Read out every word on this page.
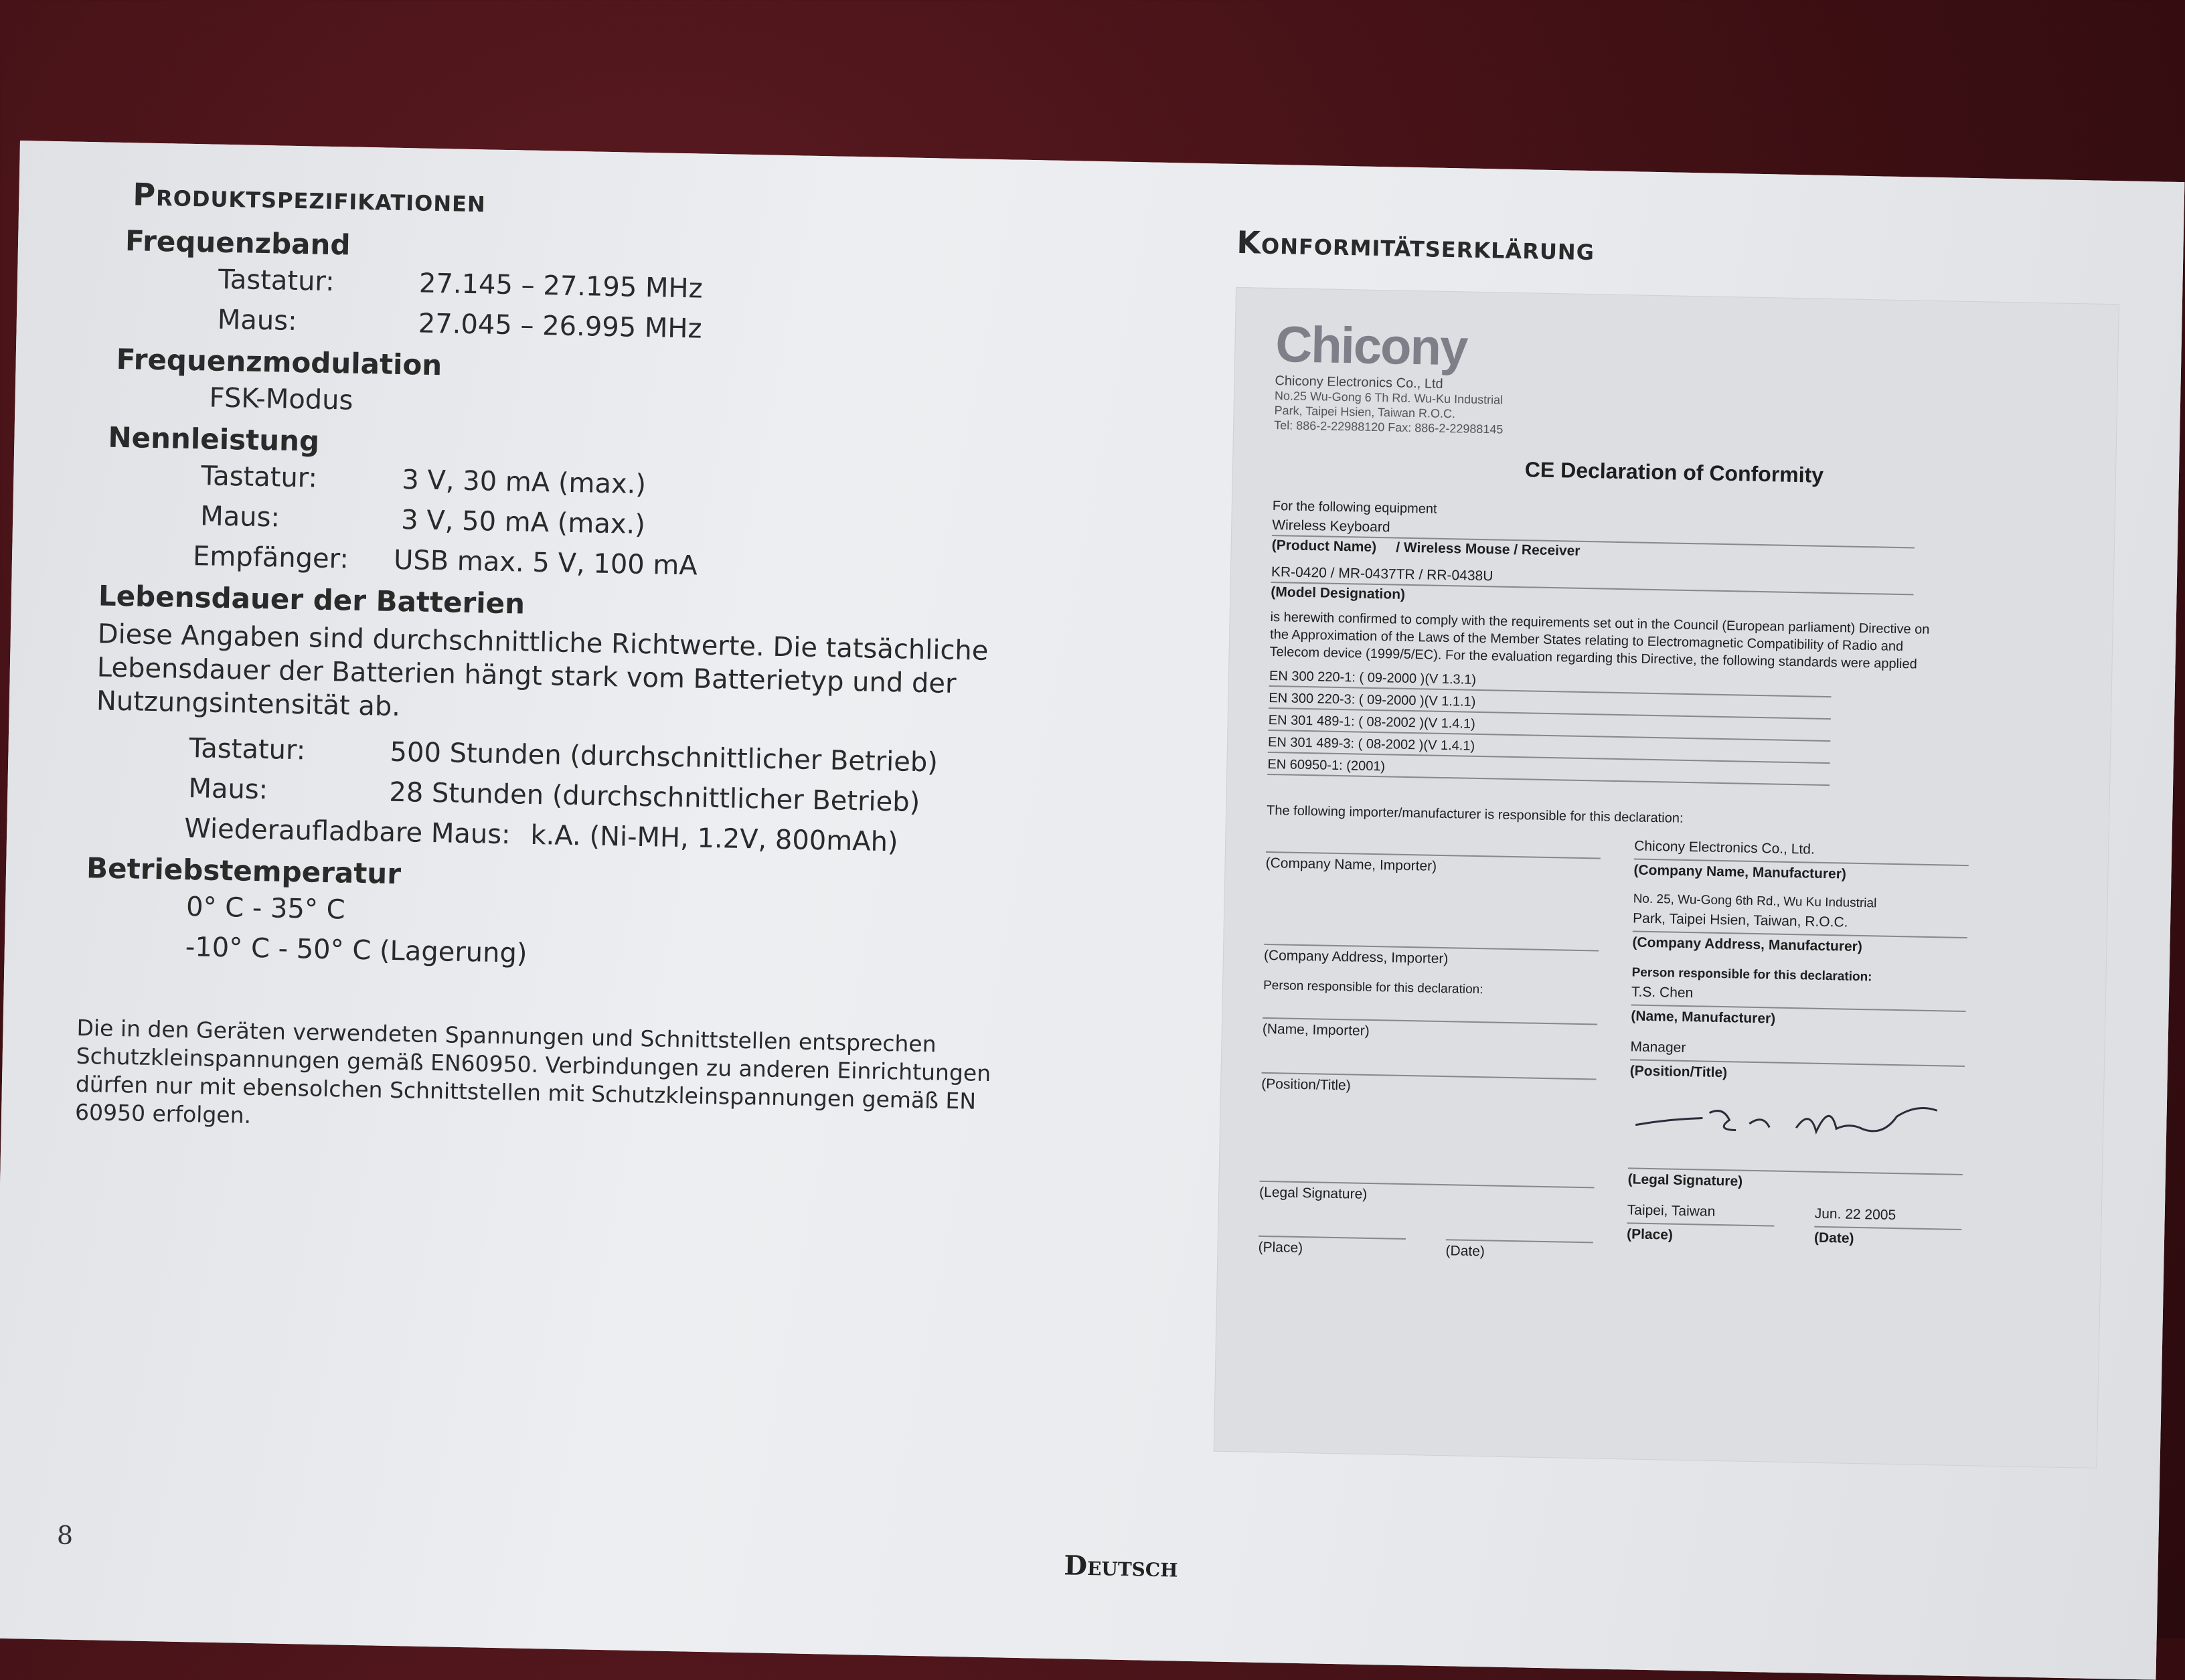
Produktspezifikationen
Frequenzband
Tastatur:	27.145 – 27.195 MHz
Maus:	27.045 – 26.995 MHz
Frequenzmodulation
FSK-Modus
Nennleistung
Tastatur:	3 V, 30 mA (max.)
Maus:	3 V, 50 mA (max.)
Empfänger:	USB max. 5 V, 100 mA
Lebensdauer der Batterien
Diese Angaben sind durchschnittliche Richtwerte. Die tatsächliche Lebensdauer der Batterien hängt stark vom Batterietyp und der Nutzungsintensität ab.
Tastatur:	500 Stunden (durchschnittlicher Betrieb)
Maus:	28 Stunden (durchschnittlicher Betrieb)
Wiederaufladbare Maus: k.A. (Ni-MH, 1.2V, 800mAh)
Betriebstemperatur
0° C - 35° C
-10° C - 50° C (Lagerung)
Die in den Geräten verwendeten Spannungen und Schnittstellen entsprechen Schutzkleinspannungen gemäß EN60950. Verbindungen zu anderen Einrichtungen dürfen nur mit ebensolchen Schnittstellen mit Schutzkleinspannungen gemäß EN 60950 erfolgen.
8
Deutsch
Konformitätserklärung
Chicony
Chicony Electronics Co., Ltd
No.25 Wu-Gong 6 Th Rd. Wu-Ku Industrial
Park, Taipei Hsien, Taiwan R.O.C.
Tel: 886-2-22988120 Fax: 886-2-22988145
CE Declaration of Conformity
For the following equipment
Wireless Keyboard
(Product Name) / Wireless Mouse / Receiver
KR-0420 / MR-0437TR / RR-0438U
(Model Designation)
is herewith confirmed to comply with the requirements set out in the Council (European parliament) Directive on the Approximation of the Laws of the Member States relating to Electromagnetic Compatibility of Radio and Telecom device (1999/5/EC). For the evaluation regarding this Directive, the following standards were applied
EN 300 220-1: ( 09-2000 )(V 1.3.1)
EN 300 220-3: ( 09-2000 )(V 1.1.1)
EN 301 489-1: ( 08-2002 )(V 1.4.1)
EN 301 489-3: ( 08-2002 )(V 1.4.1)
EN 60950-1: (2001)
The following importer/manufacturer is responsible for this declaration:
(Company Name, Importer)
(Company Address, Importer)
Person responsible for this declaration:
(Name, Importer)
(Position/Title)
(Legal Signature)
(Place)	(Date)
Chicony Electronics Co., Ltd.
(Company Name, Manufacturer)
No. 25, Wu-Gong 6th Rd., Wu Ku Industrial
Park, Taipei Hsien, Taiwan, R.O.C.
(Company Address, Manufacturer)
Person responsible for this declaration:
T.S. Chen
(Name, Manufacturer)
Manager
(Position/Title)
(Legal Signature)
Taipei, Taiwan	Jun. 22 2005
(Place)	(Date)
